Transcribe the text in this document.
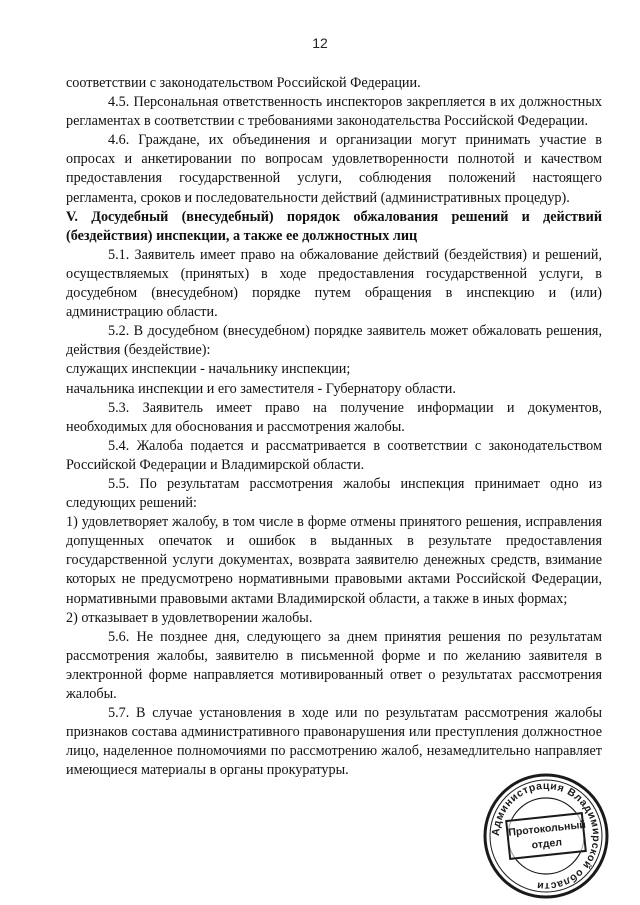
12

соответствии с законодательством Российской Федерации.

4.5. Персональная ответственность инспекторов закрепляется в их должностных регламентах в соответствии с требованиями законодательства Российской Федерации.

4.6. Граждане, их объединения и организации могут принимать участие в опросах и анкетировании по вопросам удовлетворенности полнотой и качеством предоставления государственной услуги, соблюдения положений настоящего регламента, сроков и последовательности действий (административных процедур).

V. Досудебный (внесудебный) порядок обжалования решений и действий (бездействия) инспекции, а также ее должностных лиц

5.1. Заявитель имеет право на обжалование действий (бездействия) и решений, осуществляемых (принятых) в ходе предоставления государственной услуги, в досудебном (внесудебном) порядке путем обращения в инспекцию и (или) администрацию области.

5.2. В досудебном (внесудебном) порядке заявитель может обжаловать решения, действия (бездействие):

служащих инспекции - начальнику инспекции;

начальника инспекции и его заместителя - Губернатору области.

5.3. Заявитель имеет право на получение информации и документов, необходимых для обоснования и рассмотрения жалобы.

5.4. Жалоба подается и рассматривается в соответствии с законодательством Российской Федерации и Владимирской области.

5.5. По результатам рассмотрения жалобы инспекция принимает одно из следующих решений:

1) удовлетворяет жалобу, в том числе в форме отмены принятого решения, исправления допущенных опечаток и ошибок в выданных в результате предоставления государственной услуги документах, возврата заявителю денежных средств, взимание которых не предусмотрено нормативными правовыми актами Российской Федерации, нормативными правовыми актами Владимирской области, а также в иных формах;

2) отказывает в удовлетворении жалобы.

5.6. Не позднее дня, следующего за днем принятия решения по результатам рассмотрения жалобы, заявителю в письменной форме и по желанию заявителя в электронной форме направляется мотивированный ответ о результатах рассмотрения жалобы.

5.7. В случае установления в ходе или по результатам рассмотрения жалобы признаков состава административного правонарушения или преступления должностное лицо, наделенное полномочиями по рассмотрению жалоб, незамедлительно направляет имеющиеся материалы в органы прокуратуры.

Администрация Владимирской области
Протокольный отдел
